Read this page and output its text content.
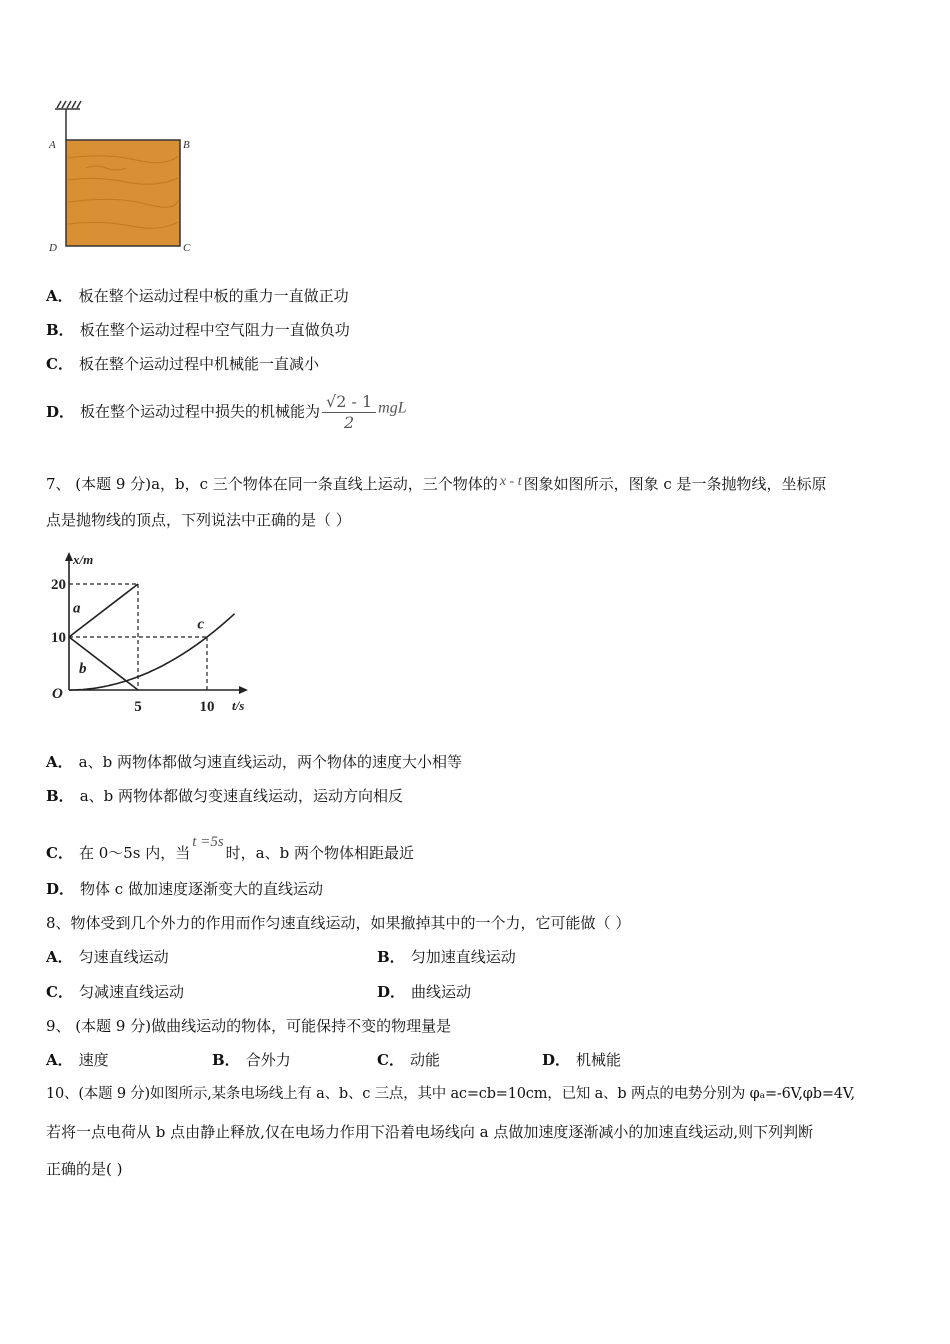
A	B
D	C
A． 板在整个运动过程中板的重力一直做正功
B． 板在整个运动过程中空气阻力一直做负功
C． 板在整个运动过程中机械能一直减小
D． 板在整个运动过程中损失的机械能为 $\frac{√2 - 1}{2}$ mgL
7、 (本题 9 分)a，b，c 三个物体在同一条直线上运动，三个物体的 x - t 图象如图所示，图象 c 是一条抛物线，坐标原
点是抛物线的顶点，下列说法中正确的是（ ）
x/m
t/s
O
5	10
10
20
a
b
c
A． a、b 两物体都做匀速直线运动，两个物体的速度大小相等
B． a、b 两物体都做匀变速直线运动，运动方向相反
C． 在 0～5s 内，当t =5s时，a、b 两个物体相距最近
D． 物体 c 做加速度逐渐变大的直线运动
8、物体受到几个外力的作用而作匀速直线运动，如果撤掉其中的一个力，它可能做（ ）
A． 匀速直线运动	B． 匀加速直线运动
C． 匀减速直线运动	D． 曲线运动
9、 (本题 9 分)做曲线运动的物体，可能保持不变的物理量是
A． 速度	B． 合外力	C． 动能	D． 机械能
10、(本题 9 分)如图所示,某条电场线上有 a、b、c 三点，其中 ac=cb=10cm，已知 a、b 两点的电势分别为 φₐ=-6V,φb=4V,
若将一点电荷从 b 点由静止释放,仅在电场力作用下沿着电场线向 a 点做加速度逐渐减小的加速直线运动,则下列判断
正确的是( )
